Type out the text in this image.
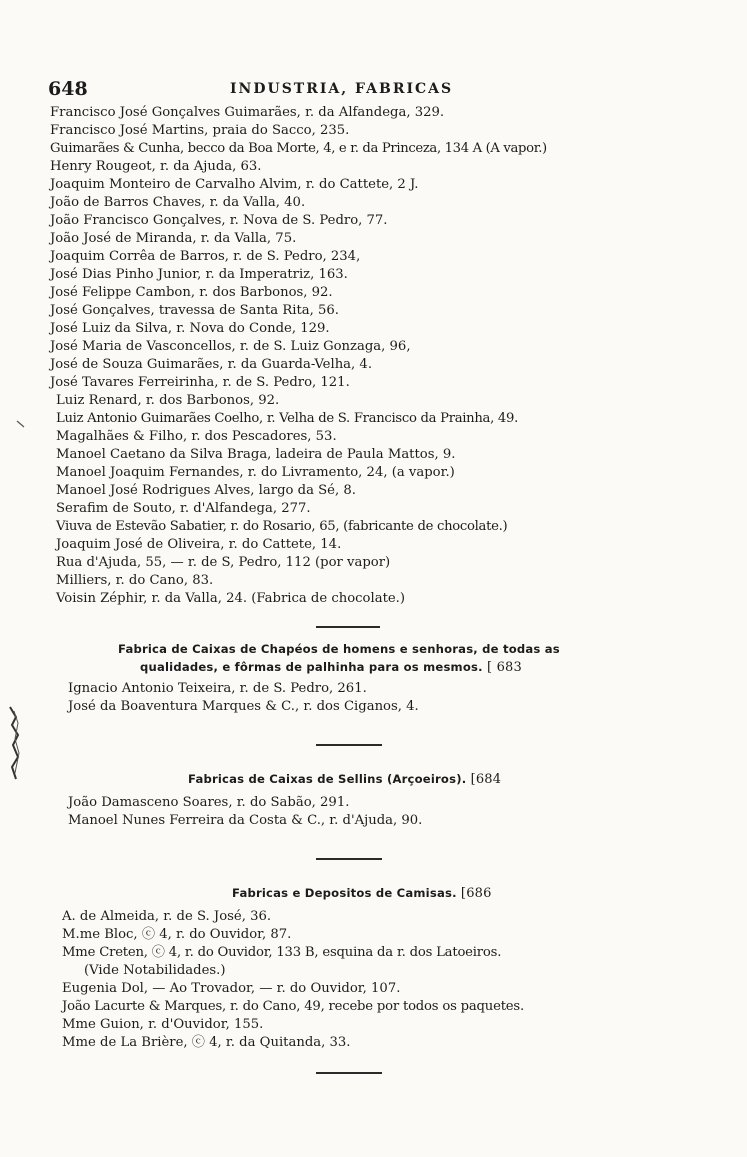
648	INDUSTRIA, FABRICAS
Francisco José Gonçalves Guimarães, r. da Alfandega, 329.
Francisco José Martins, praia do Sacco, 235.
Guimarães & Cunha, becco da Boa Morte, 4, e r. da Princeza, 134 A (A vapor.)
Henry Rougeot, r. da Ajuda, 63.
Joaquim Monteiro de Carvalho Alvim, r. do Cattete, 2 J.
João de Barros Chaves, r. da Valla, 40.
João Francisco Gonçalves, r. Nova de S. Pedro, 77.
João José de Miranda, r. da Valla, 75.
Joaquim Corrêa de Barros, r. de S. Pedro, 234,
José Dias Pinho Junior, r. da Imperatriz, 163.
José Felippe Cambon, r. dos Barbonos, 92.
José Gonçalves, travessa de Santa Rita, 56.
José Luiz da Silva, r. Nova do Conde, 129.
José Maria de Vasconcellos, r. de S. Luiz Gonzaga, 96,
José de Souza Guimarães, r. da Guarda-Velha, 4.
José Tavares Ferreirinha, r. de S. Pedro, 121.
Luiz Renard, r. dos Barbonos, 92.
Luiz Antonio Guimarães Coelho, r. Velha de S. Francisco da Prainha, 49.
Magalhães & Filho, r. dos Pescadores, 53.
Manoel Caetano da Silva Braga, ladeira de Paula Mattos, 9.
Manoel Joaquim Fernandes, r. do Livramento, 24, (a vapor.)
Manoel José Rodrigues Alves, largo da Sé, 8.
Serafim de Souto, r. d'Alfandega, 277.
Viuva de Estevão Sabatier, r. do Rosario, 65, (fabricante de chocolate.)
Joaquim José de Oliveira, r. do Cattete, 14.
Rua d'Ajuda, 55, — r. de S, Pedro, 112 (por vapor)
Milliers, r. do Cano, 83.
Voisin Zéphir, r. da Valla, 24. (Fabrica de chocolate.)
Fabrica de Caixas de Chapéos de homens e senhoras, de todas as
qualidades, e fôrmas de palhinha para os mesmos. [ 683
Ignacio Antonio Teixeira, r. de S. Pedro, 261.
José da Boaventura Marques & C., r. dos Ciganos, 4.
Fabricas de Caixas de Sellins (Arçoeiros). [684
João Damasceno Soares, r. do Sabão, 291.
Manoel Nunes Ferreira da Costa & C., r. d'Ajuda, 90.
Fabricas e Depositos de Camisas. [686
A. de Almeida, r. de S. José, 36.
M.me Bloc, ⓒ 4, r. do Ouvidor, 87.
Mme Creten, ⓒ 4, r. do Ouvidor, 133 B, esquina da r. dos Latoeiros.
(Vide Notabilidades.)
Eugenia Dol, — Ao Trovador, — r. do Ouvidor, 107.
João Lacurte & Marques, r. do Cano, 49, recebe por todos os paquetes.
Mme Guion, r. d'Ouvidor, 155.
Mme de La Brière, ⓒ 4, r. da Quitanda, 33.
